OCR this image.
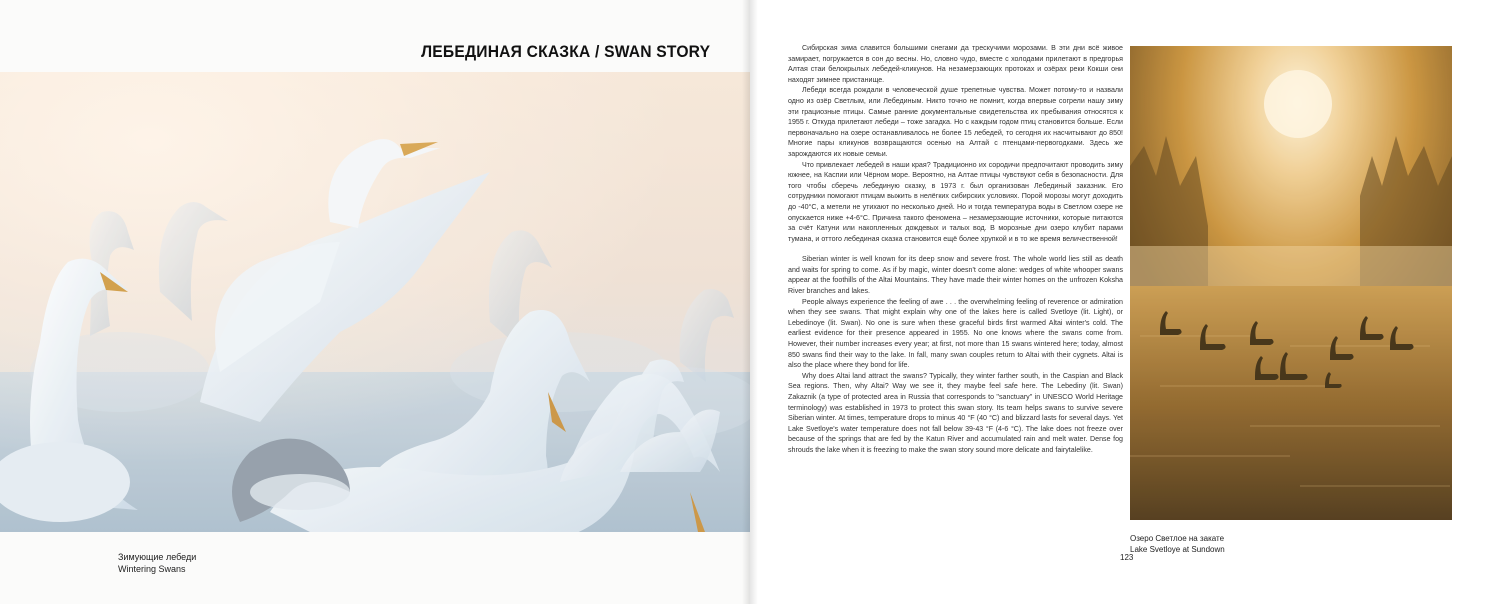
ЛЕБЕДИНАЯ СКАЗКА / SWAN STORY
Зимующие лебеди
Wintering Swans

Сибирская зима славится большими снегами да трескучими морозами. В эти дни всё живое замирает, погружается в сон до весны. Но, словно чудо, вместе с холодами прилетают в предгорья Алтая стаи белокрылых лебедей-кликунов. На незамерзающих протоках и озёрах реки Кокши они находят зимнее пристанище.

Лебеди всегда рождали в человеческой душе трепетные чувства. Может потому-то и назвали одно из озёр Светлым, или Лебединым. Никто точно не помнит, когда впервые согрели нашу зиму эти грациозные птицы. Самые ранние документальные свидетельства их пребывания относятся к 1955 г. Откуда прилетают лебеди – тоже загадка. Но с каждым годом птиц становится больше. Если первоначально на озере останавливалось не более 15 лебедей, то сегодня их насчитывают до 850! Многие пары кликунов возвращаются осенью на Алтай с птенцами-первогодками. Здесь же зарождаются их новые семьи.

Что привлекает лебедей в наши края? Традиционно их сородичи предпочитают проводить зиму южнее, на Каспии или Чёрном море. Вероятно, на Алтае птицы чувствуют себя в безопасности. Для того чтобы сберечь лебединую сказку, в 1973 г. был организован Лебединый заказник. Его сотрудники помогают птицам выжить в нелёгких сибирских условиях. Порой морозы могут доходить до -40°C, а метели не утихают по несколько дней. Но и тогда температура воды в Светлом озере не опускается ниже +4-6°C. Причина такого феномена – незамерзающие источники, которые питаются за счёт Катуни или накопленных дождевых и талых вод. В морозные дни озеро клубит парами тумана, и оттого лебединая сказка становится ещё более хрупкой и в то же время величественной!

Siberian winter is well known for its deep snow and severe frost. The whole world lies still as death and waits for spring to come. As if by magic, winter doesn't come alone: wedges of white whooper swans appear at the foothills of the Altai Mountains. They have made their winter homes on the unfrozen Koksha River branches and lakes.

People always experience the feeling of awe . . . the overwhelming feeling of reverence or admiration when they see swans. That might explain why one of the lakes here is called Svetloye (lit. Light), or Lebedinoye (lit. Swan). No one is sure when these graceful birds first warmed Altai winter's cold. The earliest evidence for their presence appeared in 1955. No one knows where the swans come from. However, their number increases every year; at first, not more than 15 swans wintered here; today, almost 850 swans find their way to the lake. In fall, many swan couples return to Altai with their cygnets. Altai is also the place where they bond for life.

Why does Altai land attract the swans? Typically, they winter farther south, in the Caspian and Black Sea regions. Then, why Altai? Way we see it, they maybe feel safe here. The Lebediny (lit. Swan) Zakaznik (a type of protected area in Russia that corresponds to "sanctuary" in UNESCO World Heritage terminology) was established in 1973 to protect this swan story. Its team helps swans to survive severe Siberian winter. At times, temperature drops to minus 40 °F (40 °C) and blizzard lasts for several days. Yet Lake Svetloye's water temperature does not fall below 39-43 °F (4-6 °C). The lake does not freeze over because of the springs that are fed by the Katun River and accumulated rain and melt water. Dense fog shrouds the lake when it is freezing to make the swan story sound more delicate and fairytalelike.

Озеро Светлое на закате
Lake Svetloye at Sundown
123
